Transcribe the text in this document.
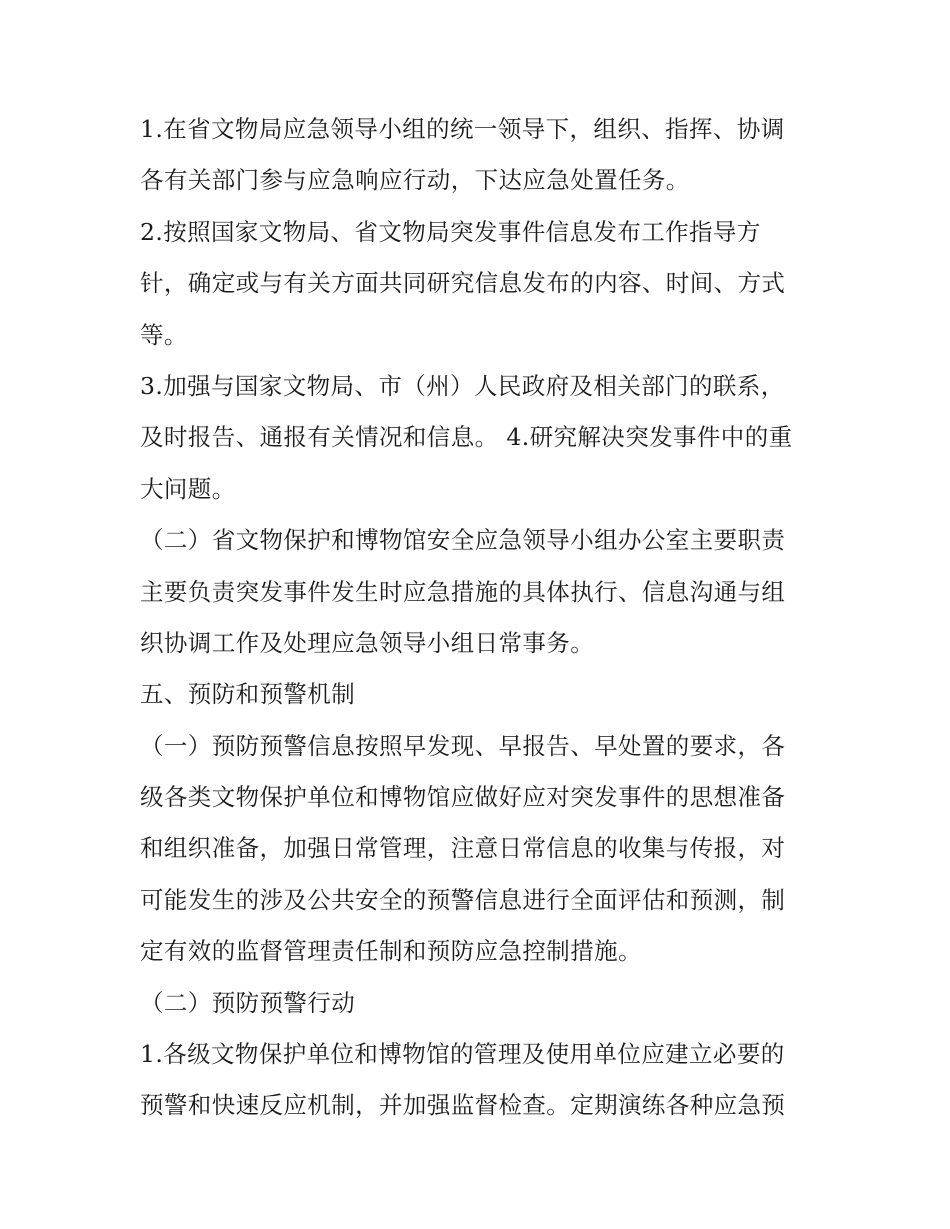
1.在省文物局应急领导小组的统一领导下，组织、指挥、协调
各有关部门参与应急响应行动，下达应急处置任务。
2.按照国家文物局、省文物局突发事件信息发布工作指导方
针，确定或与有关方面共同研究信息发布的内容、时间、方式
等。
3.加强与国家文物局、市（州）人民政府及相关部门的联系，
及时报告、通报有关情况和信息。 4.研究解决突发事件中的重
大问题。
（二）省文物保护和博物馆安全应急领导小组办公室主要职责
主要负责突发事件发生时应急措施的具体执行、信息沟通与组
织协调工作及处理应急领导小组日常事务。
五、预防和预警机制
（一）预防预警信息按照早发现、早报告、早处置的要求，各
级各类文物保护单位和博物馆应做好应对突发事件的思想准备
和组织准备，加强日常管理，注意日常信息的收集与传报，对
可能发生的涉及公共安全的预警信息进行全面评估和预测，制
定有效的监督管理责任制和预防应急控制措施。
（二）预防预警行动
1.各级文物保护单位和博物馆的管理及使用单位应建立必要的
预警和快速反应机制，并加强监督检查。定期演练各种应急预
